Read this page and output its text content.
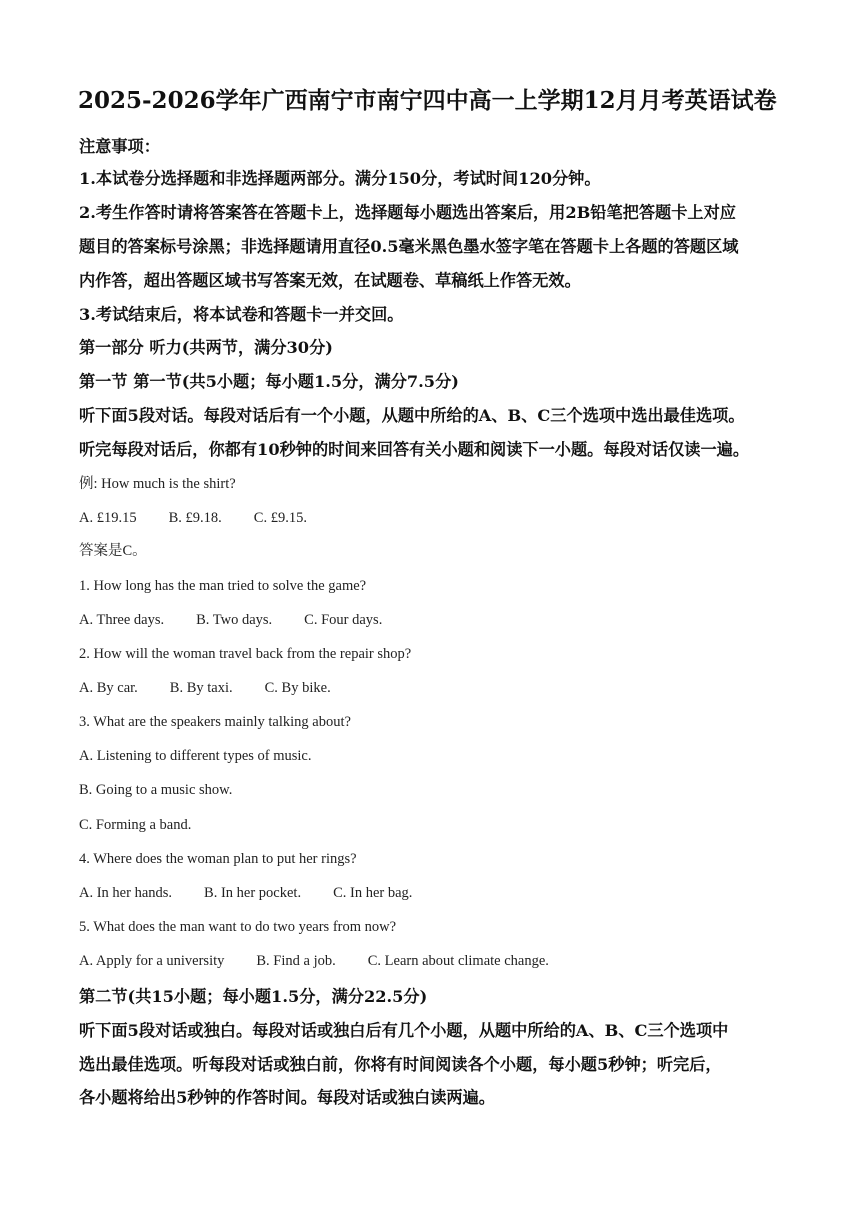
2025-2026学年广西南宁市南宁四中高一上学期12月月考英语试卷
注意事项：
1.本试卷分选择题和非选择题两部分。满分150分，考试时间120分钟。
2.考生作答时请将答案答在答题卡上，选择题每小题选出答案后，用2B铅笔把答题卡上对应
题目的答案标号涂黑；非选择题请用直径0.5毫米黑色墨水签字笔在答题卡上各题的答题区域
内作答，超出答题区域书写答案无效，在试题卷、草稿纸上作答无效。
3.考试结束后，将本试卷和答题卡一并交回。
第一部分 听力(共两节，满分30分)
第一节 第一节(共5小题；每小题1.5分，满分7.5分)
听下面5段对话。每段对话后有一个小题，从题中所给的A、B、C三个选项中选出最佳选项。
听完每段对话后，你都有10秒钟的时间来回答有关小题和阅读下一小题。每段对话仅读一遍。
例: How much is the shirt?
A. £19.15 B. £9.18. C. £9.15.
答案是C。
1. How long has the man tried to solve the game?
A. Three days. B. Two days. C. Four days.
2. How will the woman travel back from the repair shop?
A. By car. B. By taxi. C. By bike.
3. What are the speakers mainly talking about?
A. Listening to different types of music.
B. Going to a music show.
C. Forming a band.
4. Where does the woman plan to put her rings?
A. In her hands. B. In her pocket. C. In her bag.
5. What does the man want to do two years from now?
A. Apply for a university B. Find a job. C. Learn about climate change.
第二节(共15小题；每小题1.5分，满分22.5分)
听下面5段对话或独白。每段对话或独白后有几个小题，从题中所给的A、B、C三个选项中
选出最佳选项。听每段对话或独白前，你将有时间阅读各个小题，每小题5秒钟；听完后，
各小题将给出5秒钟的作答时间。每段对话或独白读两遍。
